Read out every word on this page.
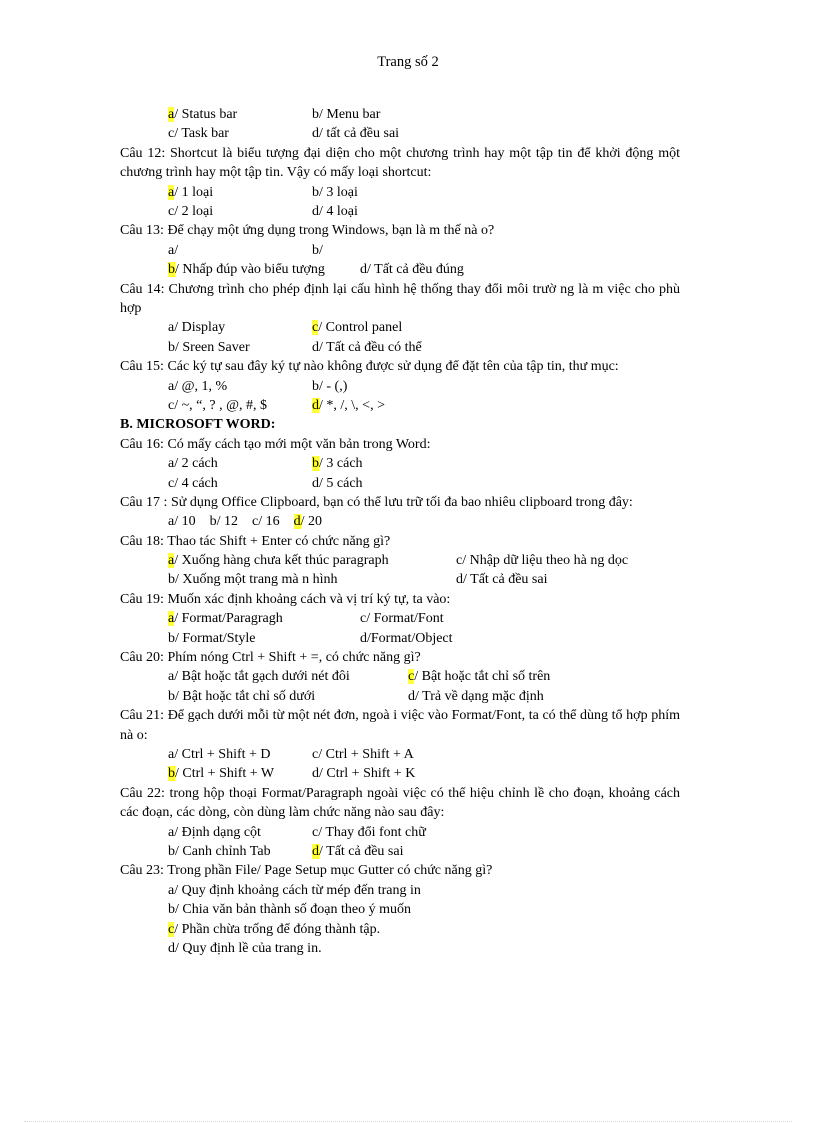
Trang số 2
a/ Status bar	b/ Menu bar
c/ Task bar	d/ tất cả đều sai
Câu 12: Shortcut là biểu tượng đại diện cho một chương trình hay một tập tin để khởi động một chương trình hay một tập tin. Vậy có mấy loại shortcut:
a/ 1 loại	b/ 3 loại
c/ 2 loại	d/ 4 loại
Câu 13: Để chạy một ứng dụng trong Windows, bạn là m thế nà o?
a/	b/
b/ Nhấp đúp vào biểu tượng	d/ Tất cả đều đúng
Câu 14: Chương trình cho phép định lại cấu hình hệ thống thay đổi môi trườ ng là m việc cho phù hợp
a/ Display	c/ Control panel
b/ Sreen Saver	d/ Tất cả đều có thể
Câu 15: Các ký tự sau đây ký tự nào không được sử dụng để đặt tên của tập tin, thư mục:
a/ @, 1, %	b/ - (,)
c/ ~, “, ? , @, #, $	d/ *, /, \, <, >
B. MICROSOFT WORD:
Câu 16: Có mấy cách tạo mới một văn bản trong Word:
a/ 2 cách	b/ 3 cách
c/ 4 cách	d/ 5 cách
Câu 17 : Sử dụng Office Clipboard, bạn có thể lưu trữ tối đa bao nhiêu clipboard trong đây:
a/ 10    b/ 12    c/ 16    d/ 20
Câu 18: Thao tác Shift + Enter có chức năng gì?
a/ Xuống hàng chưa kết thúc paragraph	c/ Nhập dữ liệu theo hà ng dọc
b/ Xuống một trang mà n hình	d/ Tất cả đều sai
Câu 19: Muốn xác định khoảng cách và vị trí ký tự, ta vào:
a/ Format/Paragragh	c/ Format/Font
b/ Format/Style	d/Format/Object
Câu 20: Phím nóng Ctrl + Shift + =, có chức năng gì?
a/ Bật hoặc tắt gạch dưới nét đôi	c/ Bật hoặc tắt chỉ số trên
b/ Bật hoặc tắt chỉ số dưới	d/ Trả về dạng mặc định
Câu 21: Để gạch dưới mỗi từ một nét đơn, ngoà i việc vào Format/Font, ta có thể dùng tổ hợp phím nà o:
a/ Ctrl + Shift + D	c/ Ctrl + Shift + A
b/ Ctrl + Shift + W	d/ Ctrl + Shift + K
Câu 22: trong hộp thoại Format/Paragraph ngoài việc có thể hiệu chỉnh lề cho đoạn, khoảng cách các đoạn, các dòng, còn dùng làm chức năng nào sau đây:
a/ Định dạng cột	c/ Thay đổi font chữ
b/ Canh chỉnh Tab	d/ Tất cả đều sai
Câu 23: Trong phần File/ Page Setup mục Gutter có chức năng gì?
a/ Quy định khoảng cách từ mép đến trang in
b/ Chia văn bản thành số đoạn theo ý muốn
c/ Phần chừa trống để đóng thành tập.
d/ Quy định lề của trang in.
